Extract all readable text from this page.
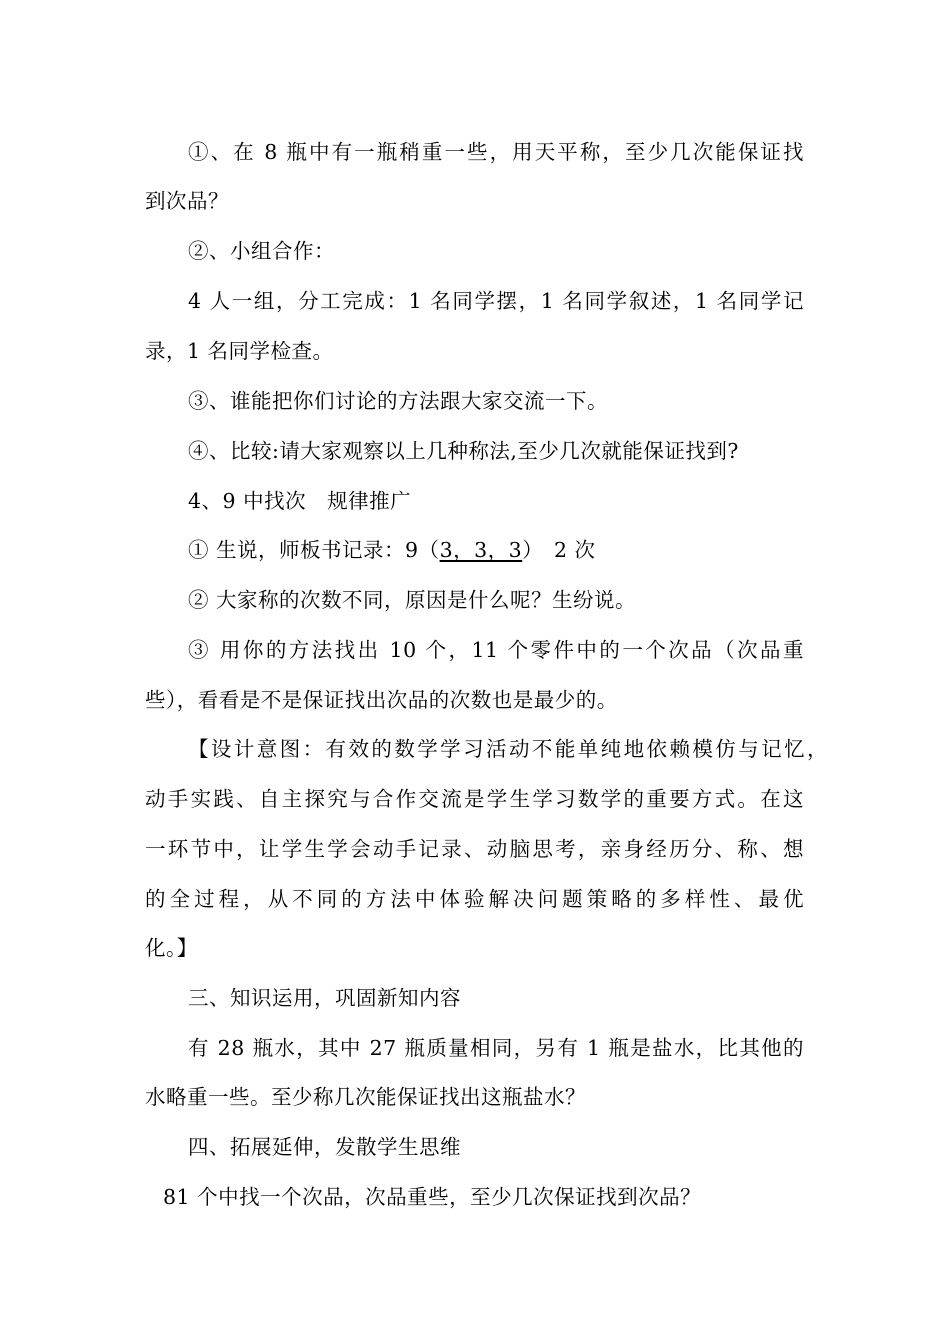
①、在 8 瓶中有一瓶稍重一些，用天平称，至少几次能保证找
到次品？
②、小组合作：
4 人一组，分工完成：1 名同学摆，1 名同学叙述，1 名同学记
录，1 名同学检查。
③、谁能把你们讨论的方法跟大家交流一下。
④、比较:请大家观察以上几种称法,至少几次就能保证找到?
4、9 中找次　规律推广
① 生说，师板书记录：9（3，3，3）　2 次
② 大家称的次数不同，原因是什么呢？生纷说。
③ 用你的方法找出 10 个，11 个零件中的一个次品（次品重
些），看看是不是保证找出次品的次数也是最少的。
【设计意图：有效的数学学习活动不能单纯地依赖模仿与记忆，
动手实践、自主探究与合作交流是学生学习数学的重要方式。在这
一环节中，让学生学会动手记录、动脑思考，亲身经历分、称、想
的全过程，从不同的方法中体验解决问题策略的多样性、最优
化。】
三、知识运用，巩固新知内容
有 28 瓶水，其中 27 瓶质量相同，另有 1 瓶是盐水，比其他的
水略重一些。至少称几次能保证找出这瓶盐水？
四、拓展延伸，发散学生思维
81 个中找一个次品，次品重些，至少几次保证找到次品？
